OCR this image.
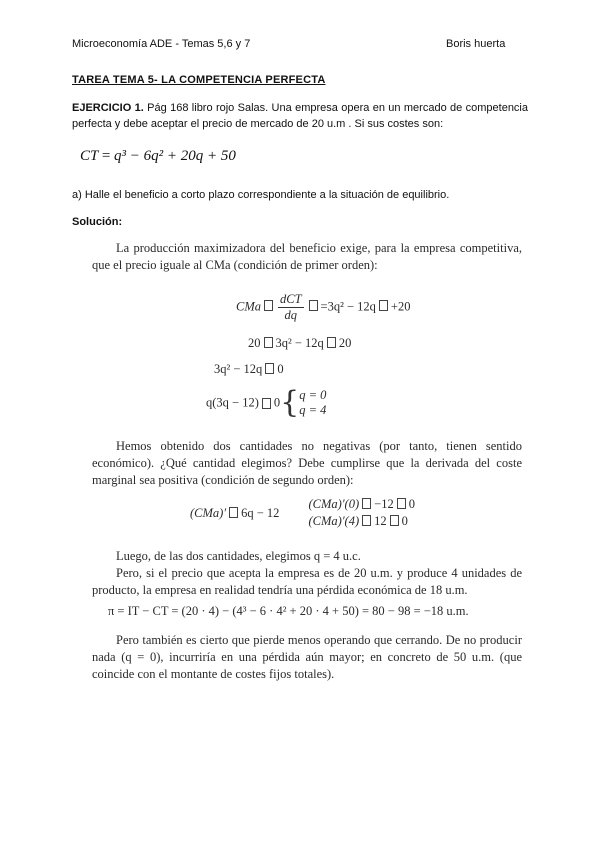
Microeconomía ADE - Temas 5,6 y 7	Boris huerta
TAREA TEMA 5- LA COMPETENCIA PERFECTA
EJERCICIO 1. Pág 168 libro rojo Salas. Una empresa opera en un mercado de competencia perfecta y debe aceptar el precio de mercado de 20 u.m . Si sus costes son:
CT = q³ − 6q² + 20q + 50
a) Halle el beneficio a corto plazo correspondiente a la situación de equilibrio.
Solución:
La producción maximizadora del beneficio exige, para la empresa competitiva, que el precio iguale al CMa (condición de primer orden):
CMa $\frac{\text{dCT}}{dq} =3q^2 - 12q +20$
20 3q² − 12q 20
3q² − 12q 0
q(3q − 12) 0{ q = 0
q = 4
Hemos obtenido dos cantidades no negativas (por tanto, tienen sentido económico). ¿Qué cantidad elegimos? Debe cumplirse que la derivada del coste marginal sea positiva (condición de segundo orden):
(CMa)′ 6q − 12
(CMa)′(0) −12 0
(CMa)′(4) 12 0
Luego, de las dos cantidades, elegimos q = 4 u.c.
Pero, si el precio que acepta la empresa es de 20 u.m. y produce 4 unidades de producto, la empresa en realidad tendría una pérdida económica de 18 u.m.
π = IT − CT = (20 · 4) − (4³ − 6 · 4² + 20 · 4 + 50) = 80 − 98 = −18 u.m.
Pero también es cierto que pierde menos operando que cerrando. De no producir nada (q = 0), incurriría en una pérdida aún mayor; en concreto de 50 u.m. (que coincide con el montante de costes fijos totales).
